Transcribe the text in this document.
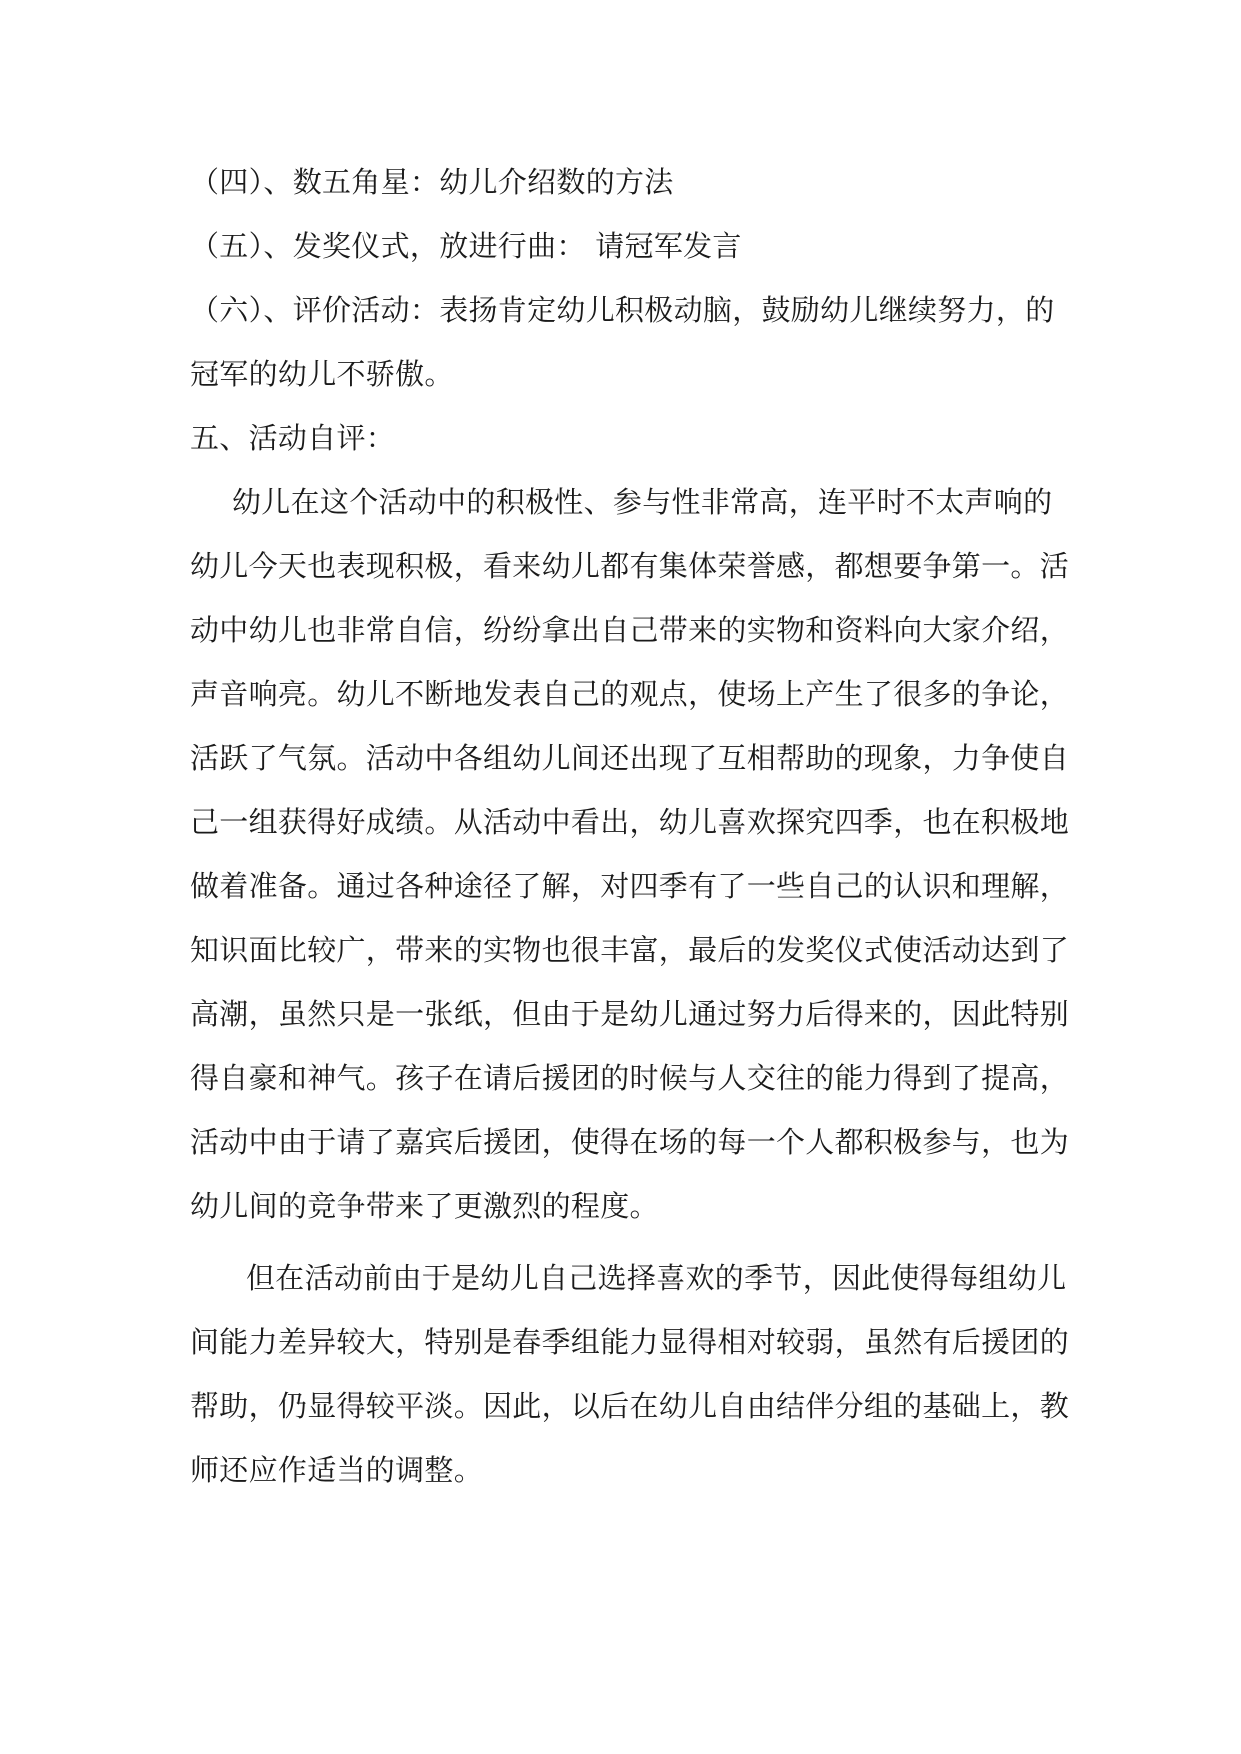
（四）、数五角星：幼儿介绍数的方法
（五）、发奖仪式，放进行曲： 请冠军发言
（六）、评价活动：表扬肯定幼儿积极动脑，鼓励幼儿继续努力，的
冠军的幼儿不骄傲。
五、活动自评：
幼儿在这个活动中的积极性、参与性非常高，连平时不太声响的
幼儿今天也表现积极，看来幼儿都有集体荣誉感，都想要争第一。活
动中幼儿也非常自信，纷纷拿出自己带来的实物和资料向大家介绍，
声音响亮。幼儿不断地发表自己的观点，使场上产生了很多的争论，
活跃了气氛。活动中各组幼儿间还出现了互相帮助的现象，力争使自
己一组获得好成绩。从活动中看出，幼儿喜欢探究四季，也在积极地
做着准备。通过各种途径了解，对四季有了一些自己的认识和理解，
知识面比较广，带来的实物也很丰富，最后的发奖仪式使活动达到了
高潮，虽然只是一张纸，但由于是幼儿通过努力后得来的，因此特别
得自豪和神气。孩子在请后援团的时候与人交往的能力得到了提高，
活动中由于请了嘉宾后援团，使得在场的每一个人都积极参与，也为
幼儿间的竞争带来了更激烈的程度。
但在活动前由于是幼儿自己选择喜欢的季节，因此使得每组幼儿
间能力差异较大，特别是春季组能力显得相对较弱，虽然有后援团的
帮助，仍显得较平淡。因此，以后在幼儿自由结伴分组的基础上，教
师还应作适当的调整。
